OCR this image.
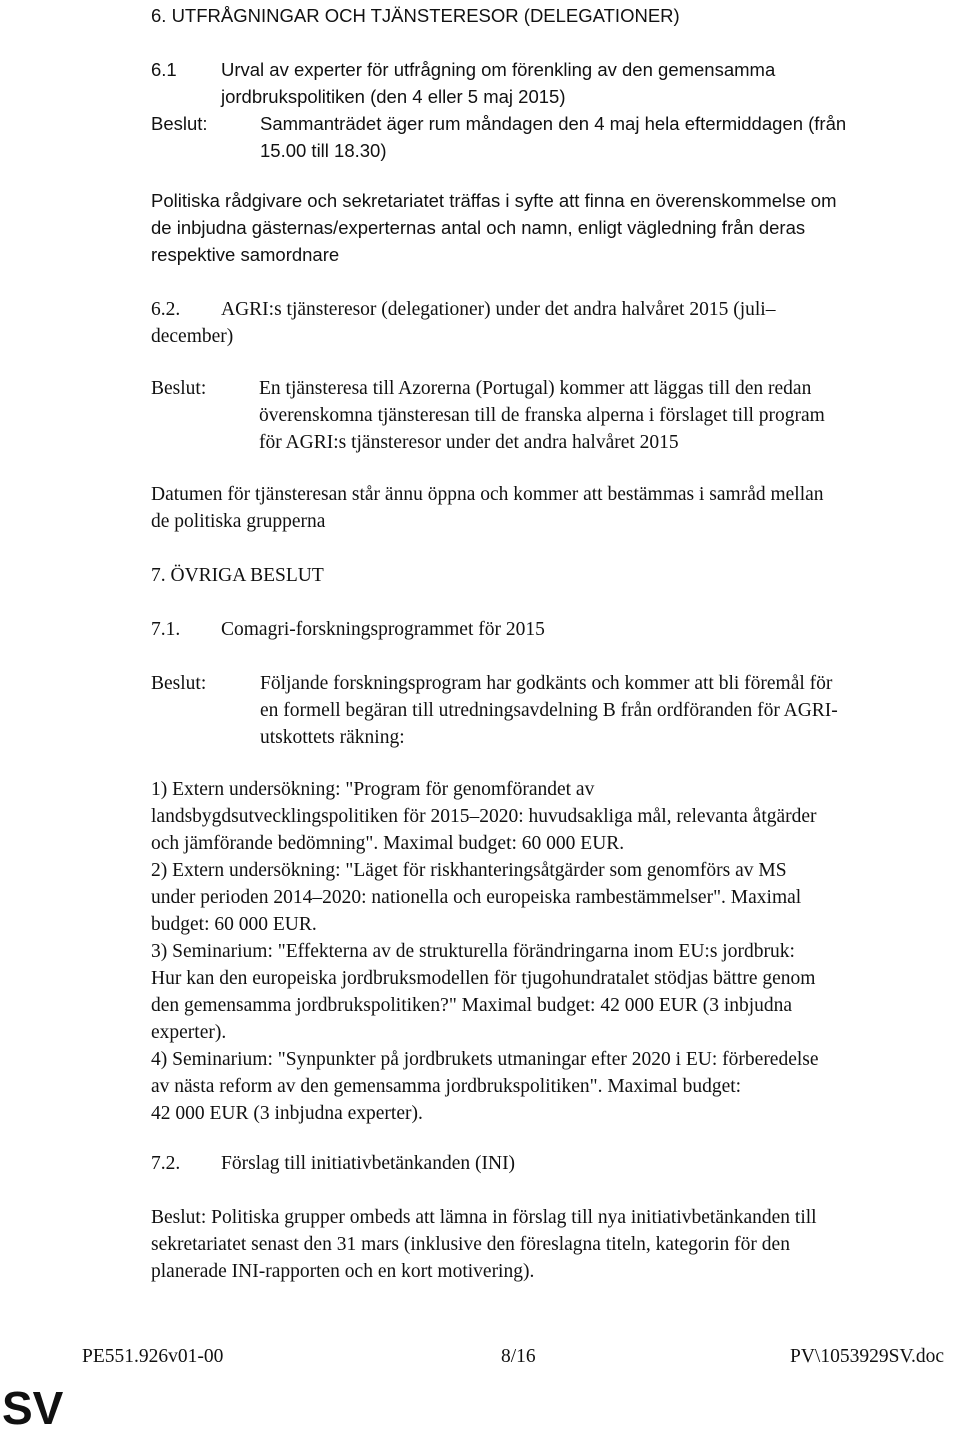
6. UTFRÅGNINGAR OCH TJÄNSTERESOR (DELEGATIONER)
6.1	Urval av experter för utfrågning om förenkling av den gemensamma
jordbrukspolitiken (den 4 eller 5 maj 2015)
Beslut:	Sammanträdet äger rum måndagen den 4 maj hela eftermiddagen (från
15.00 till 18.30)
Politiska rådgivare och sekretariatet träffas i syfte att finna en överenskommelse om
de inbjudna gästernas/experternas antal och namn, enligt vägledning från deras
respektive samordnare
6.2.	AGRI:s tjänsteresor (delegationer) under det andra halvåret 2015 (juli–
december)
Beslut:	En tjänsteresa till Azorerna (Portugal) kommer att läggas till den redan
överenskomna tjänsteresan till de franska alperna i förslaget till program
för AGRI:s tjänsteresor under det andra halvåret 2015
Datumen för tjänsteresan står ännu öppna och kommer att bestämmas i samråd mellan
de politiska grupperna
7. ÖVRIGA BESLUT
7.1.	Comagri-forskningsprogrammet för 2015
Beslut:	Följande forskningsprogram har godkänts och kommer att bli föremål för
en formell begäran till utredningsavdelning B från ordföranden för AGRI-
utskottets räkning:
1) Extern undersökning: "Program för genomförandet av
landsbygdsutvecklingspolitiken för 2015–2020: huvudsakliga mål, relevanta åtgärder
och jämförande bedömning". Maximal budget: 60 000 EUR.
2) Extern undersökning: "Läget för riskhanteringsåtgärder som genomförs av MS
under perioden 2014–2020: nationella och europeiska rambestämmelser". Maximal
budget: 60 000 EUR.
3) Seminarium: "Effekterna av de strukturella förändringarna inom EU:s jordbruk:
Hur kan den europeiska jordbruksmodellen för tjugohundratalet stödjas bättre genom
den gemensamma jordbrukspolitiken?" Maximal budget: 42 000 EUR (3 inbjudna
experter).
4) Seminarium: "Synpunkter på jordbrukets utmaningar efter 2020 i EU: förberedelse
av nästa reform av den gemensamma jordbrukspolitiken". Maximal budget:
42 000 EUR (3 inbjudna experter).
7.2.	Förslag till initiativbetänkanden (INI)
Beslut: Politiska grupper ombeds att lämna in förslag till nya initiativbetänkanden till
sekretariatet senast den 31 mars (inklusive den föreslagna titeln, kategorin för den
planerade INI-rapporten och en kort motivering).
PE551.926v01-00	8/16	PV\1053929SV.doc
SV
